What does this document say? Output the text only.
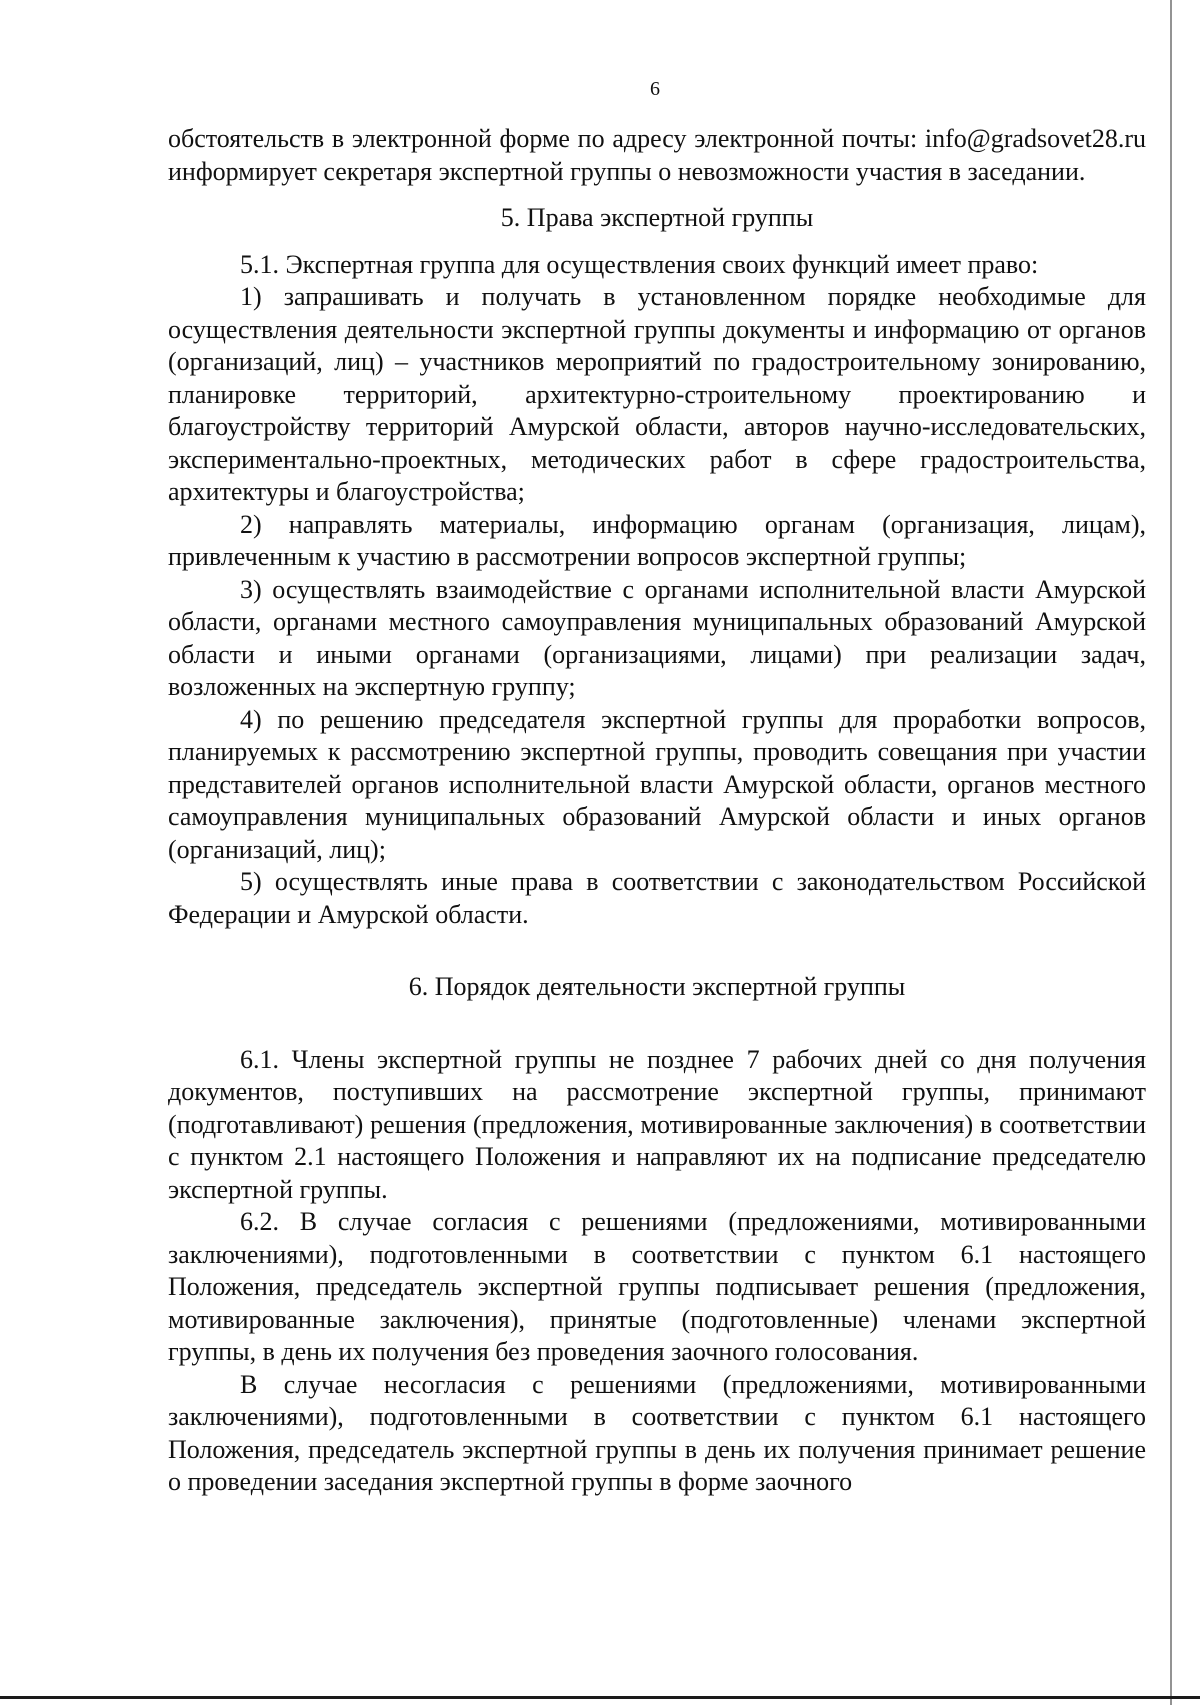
6

обстоятельств в электронной форме по адресу электронной почты: info@gradsovet28.ru информирует секретаря экспертной группы о невозможности участия в заседании.

5. Права экспертной группы

5.1. Экспертная группа для осуществления своих функций имеет право:

1) запрашивать и получать в установленном порядке необходимые для осуществления деятельности экспертной группы документы и информацию от органов (организаций, лиц) – участников мероприятий по градостроительному зонированию, планировке территорий, архитектурно-строительному проектированию и благоустройству территорий Амурской области, авторов научно-исследовательских, экспериментально-проектных, методических работ в сфере градостроительства, архитектуры и благоустройства;

2) направлять материалы, информацию органам (организация, лицам), привлеченным к участию в рассмотрении вопросов экспертной группы;

3) осуществлять взаимодействие с органами исполнительной власти Амурской области, органами местного самоуправления муниципальных образований Амурской области и иными органами (организациями, лицами) при реализации задач, возложенных на экспертную группу;

4) по решению председателя экспертной группы для проработки вопросов, планируемых к рассмотрению экспертной группы, проводить совещания при участии представителей органов исполнительной власти Амурской области, органов местного самоуправления муниципальных образований Амурской области и иных органов (организаций, лиц);

5) осуществлять иные права в соответствии с законодательством Российской Федерации и Амурской области.

6. Порядок деятельности экспертной группы

6.1. Члены экспертной группы не позднее 7 рабочих дней со дня получения документов, поступивших на рассмотрение экспертной группы, принимают (подготавливают) решения (предложения, мотивированные заключения) в соответствии с пунктом 2.1 настоящего Положения и направляют их на подписание председателю экспертной группы.

6.2. В случае согласия с решениями (предложениями, мотивированными заключениями), подготовленными в соответствии с пунктом 6.1 настоящего Положения, председатель экспертной группы подписывает решения (предложения, мотивированные заключения), принятые (подготовленные) членами экспертной группы, в день их получения без проведения заочного голосования.

В случае несогласия с решениями (предложениями, мотивированными заключениями), подготовленными в соответствии с пунктом 6.1 настоящего Положения, председатель экспертной группы в день их получения принимает решение о проведении заседания экспертной группы в форме заочного
